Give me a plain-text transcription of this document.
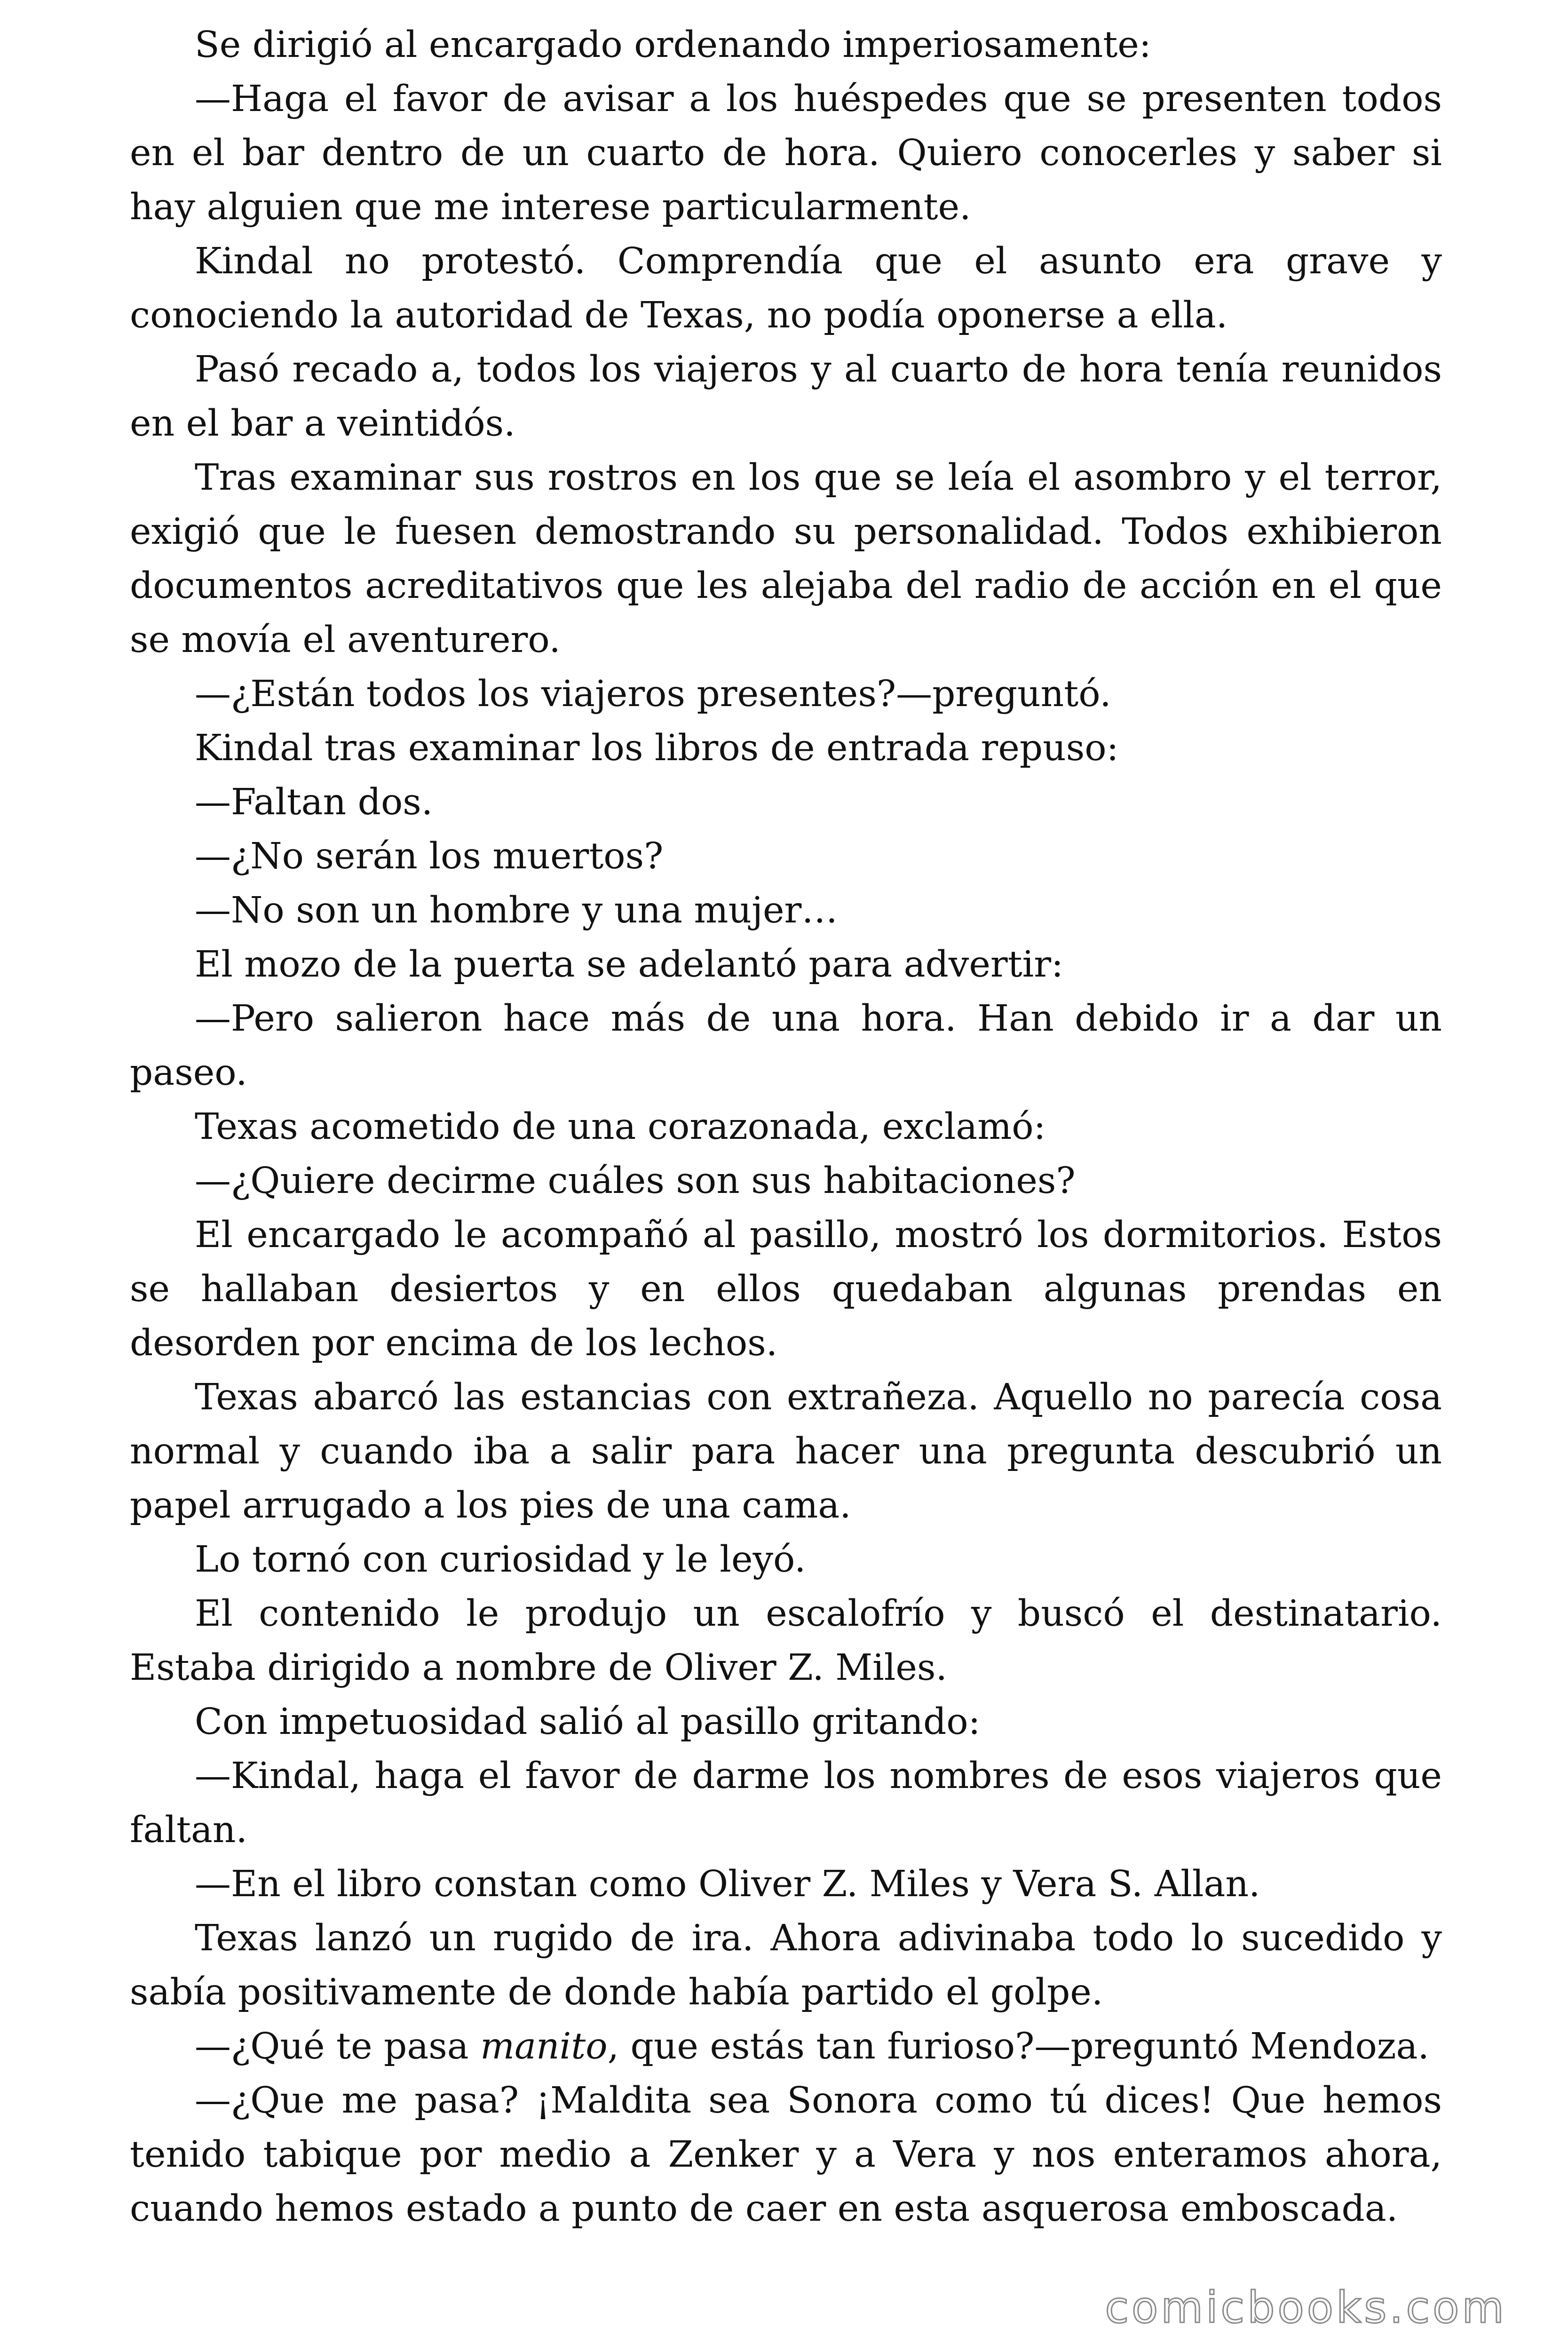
Se dirigió al encargado ordenando imperiosamente:

—Haga el favor de avisar a los huéspedes que se presenten todos en el bar dentro de un cuarto de hora. Quiero conocerles y saber si hay alguien que me interese particularmente.

Kindal no protestó. Comprendía que el asunto era grave y conociendo la autoridad de Texas, no podía oponerse a ella.

Pasó recado a, todos los viajeros y al cuarto de hora tenía reunidos en el bar a veintidós.

Tras examinar sus rostros en los que se leía el asombro y el terror, exigió que le fuesen demostrando su personalidad. Todos exhibieron documentos acreditativos que les alejaba del radio de acción en el que se movía el aventurero.

—¿Están todos los viajeros presentes?—preguntó.

Kindal tras examinar los libros de entrada repuso:

—Faltan dos.

—¿No serán los muertos?

—No son un hombre y una mujer…

El mozo de la puerta se adelantó para advertir:

—Pero salieron hace más de una hora. Han debido ir a dar un paseo.

Texas acometido de una corazonada, exclamó:

—¿Quiere decirme cuáles son sus habitaciones?

El encargado le acompañó al pasillo, mostró los dormitorios. Estos se hallaban desiertos y en ellos quedaban algunas prendas en desorden por encima de los lechos.

Texas abarcó las estancias con extrañeza. Aquello no parecía cosa normal y cuando iba a salir para hacer una pregunta descubrió un papel arrugado a los pies de una cama.

Lo tornó con curiosidad y le leyó.

El contenido le produjo un escalofrío y buscó el destinatario. Estaba dirigido a nombre de Oliver Z. Miles.

Con impetuosidad salió al pasillo gritando:

—Kindal, haga el favor de darme los nombres de esos viajeros que faltan.

—En el libro constan como Oliver Z. Miles y Vera S. Allan.

Texas lanzó un rugido de ira. Ahora adivinaba todo lo sucedido y sabía positivamente de donde había partido el golpe.

—¿Qué te pasa manito, que estás tan furioso?—preguntó Mendoza.

—¿Que me pasa? ¡Maldita sea Sonora como tú dices! Que hemos tenido tabique por medio a Zenker y a Vera y nos enteramos ahora, cuando hemos estado a punto de caer en esta asquerosa emboscada.

comicbooks.com
